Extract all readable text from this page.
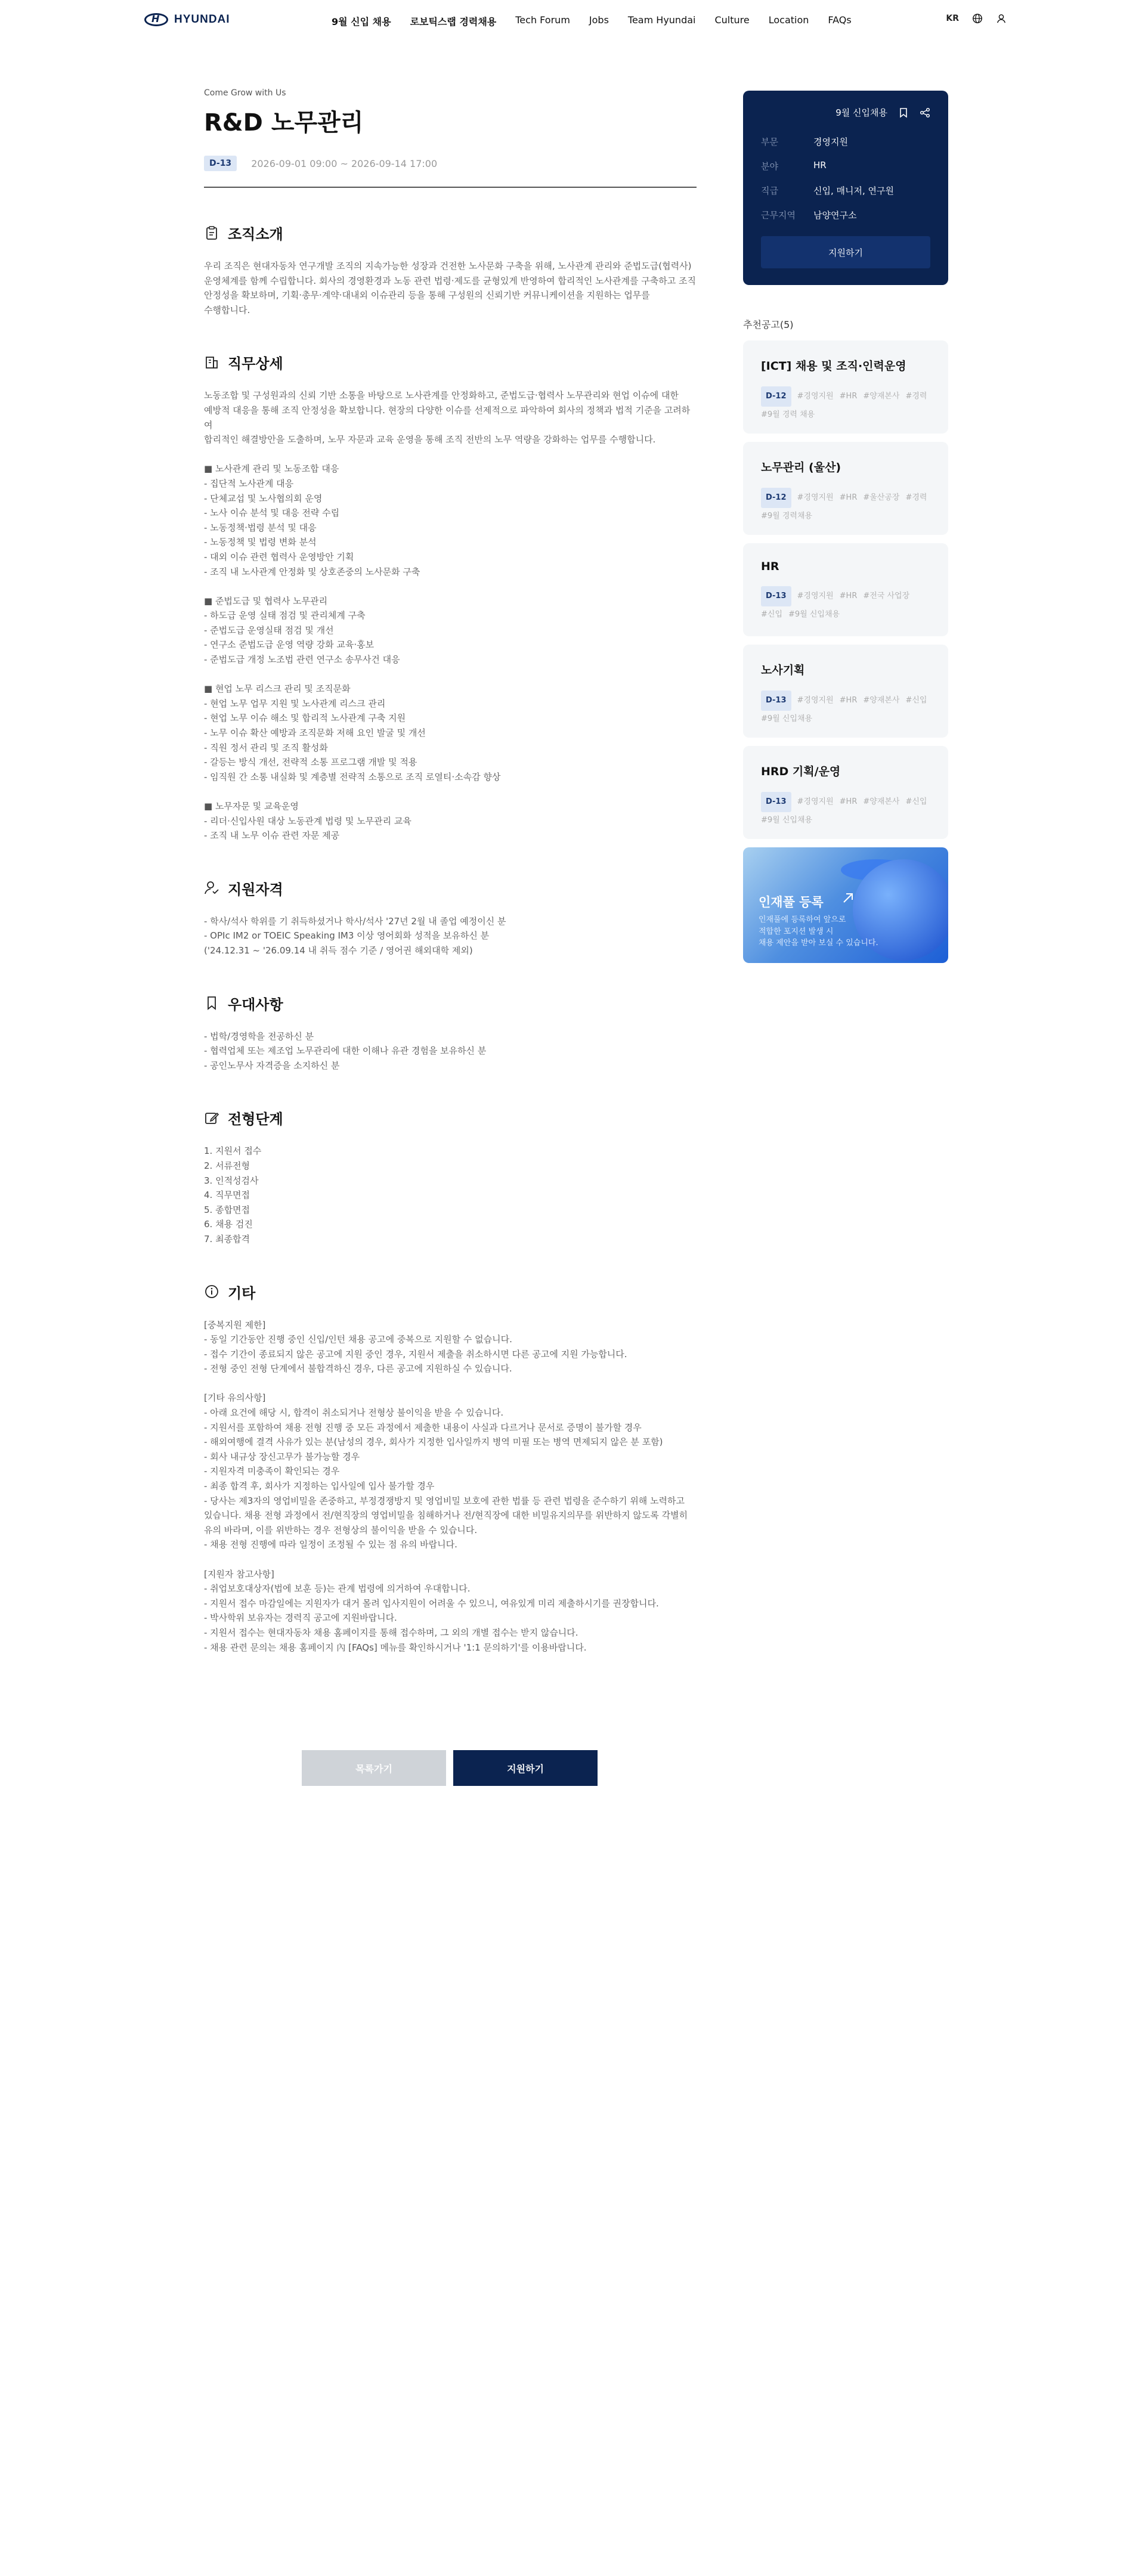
H
HYUNDAI	9월 신입 채용 로보틱스랩 경력채용 Tech Forum Jobs Team Hyundai Culture Location FAQs	KR
Come Grow with Us
R&D 노무관리
D-13	2026-09-01 09:00 ~ 2026-09-14 17:00
조직소개
우리 조직은 현대자동차 연구개발 조직의 지속가능한 성장과 건전한 노사문화 구축을 위해, 노사관계 관리와 준법도급(협력사)
운영체계를 함께 수립합니다. 회사의 경영환경과 노동 관련 법령·제도를 균형있게 반영하여 합리적인 노사관계를 구축하고 조직
안정성을 확보하며, 기획·총무·계약·대내외 이슈관리 등을 통해 구성원의 신뢰기반 커뮤니케이션을 지원하는 업무를
수행합니다.
직무상세
노동조합 및 구성원과의 신뢰 기반 소통을 바탕으로 노사관계를 안정화하고, 준법도급·협력사 노무관리와 현업 이슈에 대한
예방적 대응을 통해 조직 안정성을 확보합니다. 현장의 다양한 이슈를 선제적으로 파악하여 회사의 정책과 법적 기준을 고려하여
합리적인 해결방안을 도출하며, 노무 자문과 교육 운영을 통해 조직 전반의 노무 역량을 강화하는 업무를 수행합니다.

■ 노사관계 관리 및 노동조합 대응
- 집단적 노사관계 대응
- 단체교섭 및 노사협의회 운영
- 노사 이슈 분석 및 대응 전략 수립
- 노동정책·법령 분석 및 대응
- 노동정책 및 법령 변화 분석
- 대외 이슈 관련 협력사 운영방안 기획
- 조직 내 노사관계 안정화 및 상호존중의 노사문화 구축

■ 준법도급 및 협력사 노무관리
- 하도급 운영 실태 점검 및 관리체계 구축
- 준법도급 운영실태 점검 및 개선
- 연구소 준법도급 운영 역량 강화 교육·홍보
- 준법도급 개정 노조법 관련 연구소 송무사건 대응

■ 현업 노무 리스크 관리 및 조직문화
- 현업 노무 업무 지원 및 노사관계 리스크 관리
- 현업 노무 이슈 해소 및 합리적 노사관계 구축 지원
- 노무 이슈 확산 예방과 조직문화 저해 요인 발굴 및 개선
- 직원 정서 관리 및 조직 활성화
- 갈등는 방식 개선, 전략적 소통 프로그램 개발 및 적용
- 임직원 간 소통 내실화 및 계층별 전략적 소통으로 조직 로열티·소속감 향상

■ 노무자문 및 교육운영
- 리더·신입사원 대상 노동관계 법령 및 노무관리 교육
- 조직 내 노무 이슈 관련 자문 제공
지원자격
- 학사/석사 학위를 기 취득하셨거나 학사/석사 '27년 2월 내 졸업 예정이신 분
- OPIc IM2 or TOEIC Speaking IM3 이상 영어회화 성적을 보유하신 분
('24.12.31 ~ '26.09.14 내 취득 점수 기준 / 영어권 해외대학 제외)
우대사항
- 법학/경영학을 전공하신 분
- 협력업체 또는 제조업 노무관리에 대한 이해나 유관 경험을 보유하신 분
- 공인노무사 자격증을 소지하신 분
전형단계
1. 지원서 접수
2. 서류전형
3. 인적성검사
4. 직무면접
5. 종합면접
6. 채용 검진
7. 최종합격
기타
[중복지원 제한]
- 동일 기간동안 진행 중인 신입/인턴 채용 공고에 중복으로 지원할 수 없습니다.
- 접수 기간이 종료되지 않은 공고에 지원 중인 경우, 지원서 제출을 취소하시면 다른 공고에 지원 가능합니다.
- 전형 중인 전형 단계에서 불합격하신 경우, 다른 공고에 지원하실 수 있습니다.

[기타 유의사항]
- 아래 요건에 해당 시, 합격이 취소되거나 전형상 불이익을 받을 수 있습니다.
- 지원서를 포함하여 채용 전형 진행 중 모든 과정에서 제출한 내용이 사실과 다르거나 문서로 증명이 불가할 경우
- 해외여행에 결격 사유가 있는 분(남성의 경우, 회사가 지정한 입사일까지 병역 미필 또는 병역 면제되지 않은 분 포함)
- 회사 내규상 장신고무가 불가능할 경우
- 지원자격 미충족이 확인되는 경우
- 최종 합격 후, 회사가 지정하는 입사일에 입사 불가할 경우
- 당사는 제3자의 영업비밀을 존중하고, 부정경쟁방지 및 영업비밀 보호에 관한 법률 등 관련 법령을 준수하기 위해 노력하고
있습니다. 채용 전형 과정에서 전/현직장의 영업비밀을 침해하거나 전/현직장에 대한 비밀유지의무를 위반하지 않도록 각별히
유의 바라며, 이를 위반하는 경우 전형상의 불이익을 받을 수 있습니다.
- 채용 전형 진행에 따라 일정이 조정될 수 있는 점 유의 바랍니다.

[지원자 참고사항]
- 취업보호대상자(법에 보훈 등)는 관계 법령에 의거하여 우대합니다.
- 지원서 접수 마감일에는 지원자가 대거 몰려 입사지원이 어려울 수 있으니, 여유있게 미리 제출하시기를 권장합니다.
- 박사학위 보유자는 경력직 공고에 지원바랍니다.
- 지원서 접수는 현대자동차 채용 홈페이지를 통해 접수하며, 그 외의 개별 접수는 받지 않습니다.
- 채용 관련 문의는 채용 홈페이지 內 [FAQs] 메뉴를 확인하시거나 '1:1 문의하기'를 이용바랍니다.
목록가기	지원하기
9월 신입채용
부문	경영지원
분야	HR
직급	신입, 매니저, 연구원
근무지역	남양연구소
지원하기
추천공고(5)
[ICT] 채용 및 조직·인력운영
D-12	#경영지원 #HR #양재본사 #경력
#9월 경력 채용
노무관리 (울산)
D-12	#경영지원 #HR #울산공장 #경력
#9월 경력채용
HR
D-13	#경영지원 #HR #전국 사업장
#신입 #9월 신입채용
노사기획
D-13	#경영지원 #HR #양재본사 #신입
#9월 신입채용
HRD 기획/운영
D-13	#경영지원 #HR #양재본사 #신입
#9월 신입채용
인재풀 등록
인재풀에 등록하여 앞으로
적합한 포지션 발생 시
채용 제안을 받아 보실 수 있습니다.
